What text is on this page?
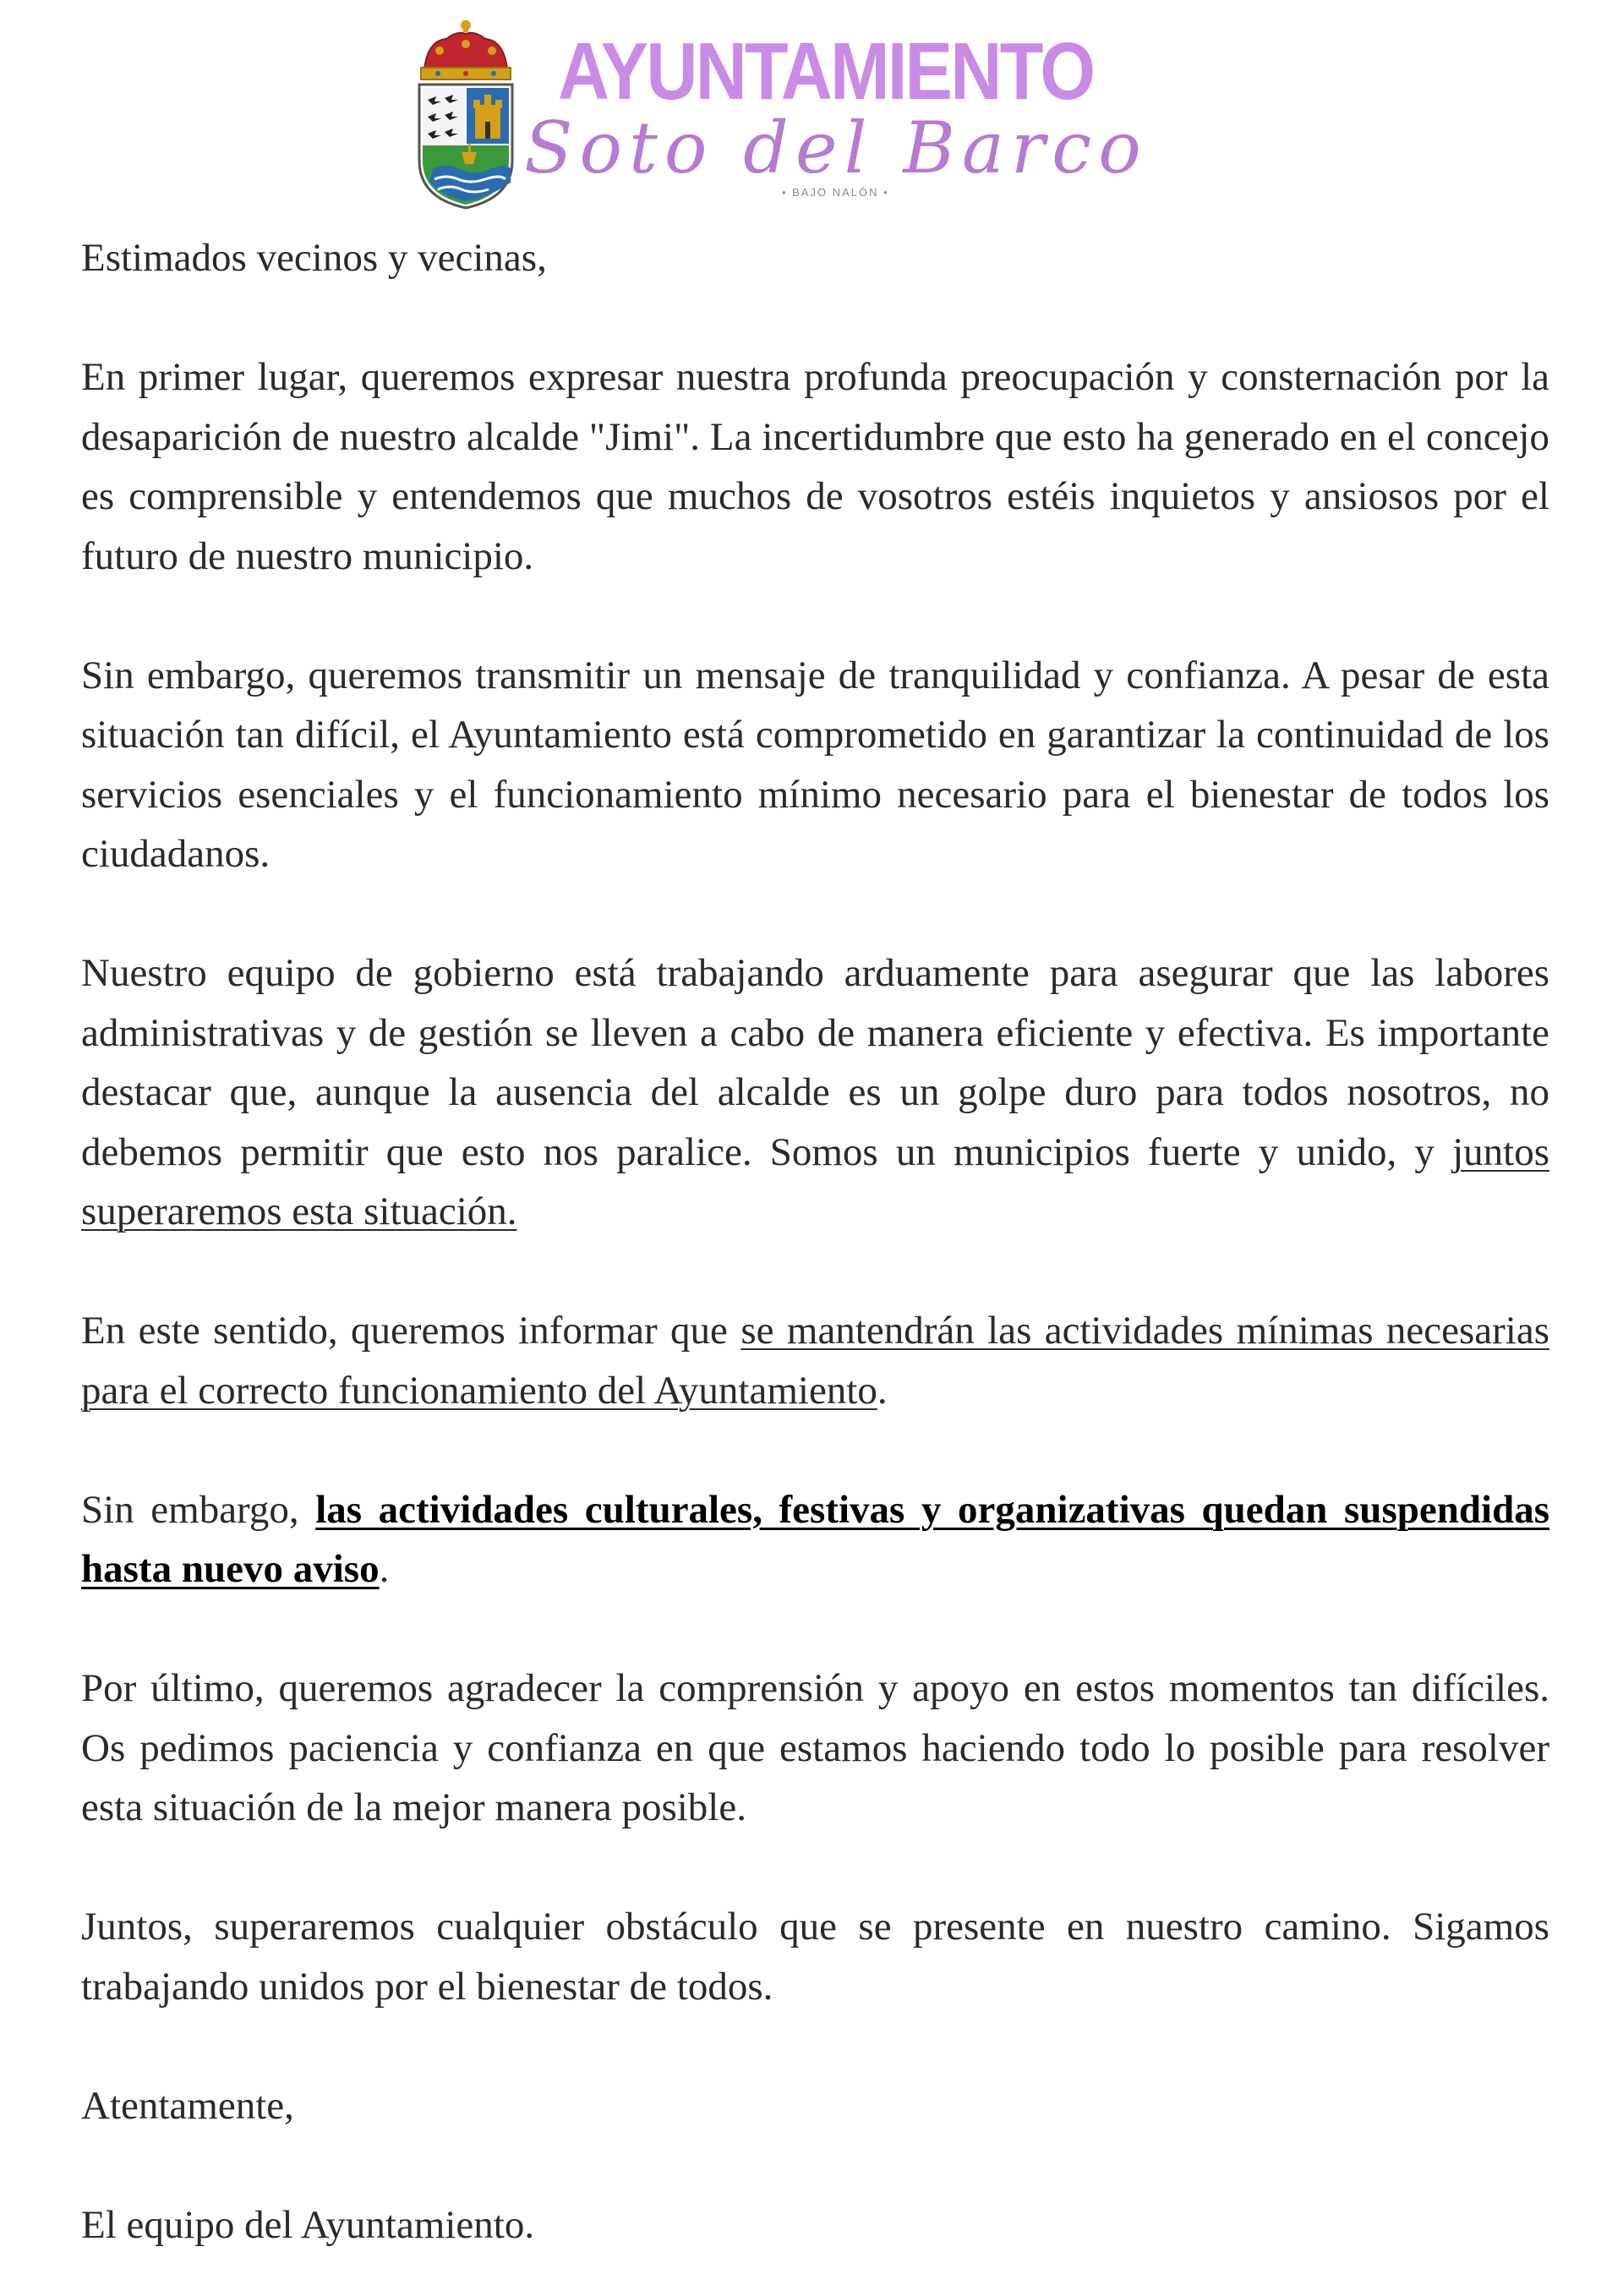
AYUNTAMIENTO
Soto del Barco
• BAJO NALÓN •

Estimados vecinos y vecinas,

En primer lugar, queremos expresar nuestra profunda preocupación y consternación por la desaparición de nuestro alcalde "Jimi". La incertidumbre que esto ha generado en el concejo es comprensible y entendemos que muchos de vosotros estéis inquietos y ansiosos por el futuro de nuestro municipio.

Sin embargo, queremos transmitir un mensaje de tranquilidad y confianza. A pesar de esta situación tan difícil, el Ayuntamiento está comprometido en garantizar la continuidad de los servicios esenciales y el funcionamiento mínimo necesario para el bienestar de todos los ciudadanos.

Nuestro equipo de gobierno está trabajando arduamente para asegurar que las labores administrativas y de gestión se lleven a cabo de manera eficiente y efectiva. Es importante destacar que, aunque la ausencia del alcalde es un golpe duro para todos nosotros, no debemos permitir que esto nos paralice. Somos un municipios fuerte y unido, y juntos superaremos esta situación.

En este sentido, queremos informar que se mantendrán las actividades mínimas necesarias para el correcto funcionamiento del Ayuntamiento.

Sin embargo, las actividades culturales, festivas y organizativas quedan suspendidas hasta nuevo aviso.

Por último, queremos agradecer la comprensión y apoyo en estos momentos tan difíciles. Os pedimos paciencia y confianza en que estamos haciendo todo lo posible para resolver esta situación de la mejor manera posible.

Juntos, superaremos cualquier obstáculo que se presente en nuestro camino. Sigamos trabajando unidos por el bienestar de todos.

Atentamente,

El equipo del Ayuntamiento.
